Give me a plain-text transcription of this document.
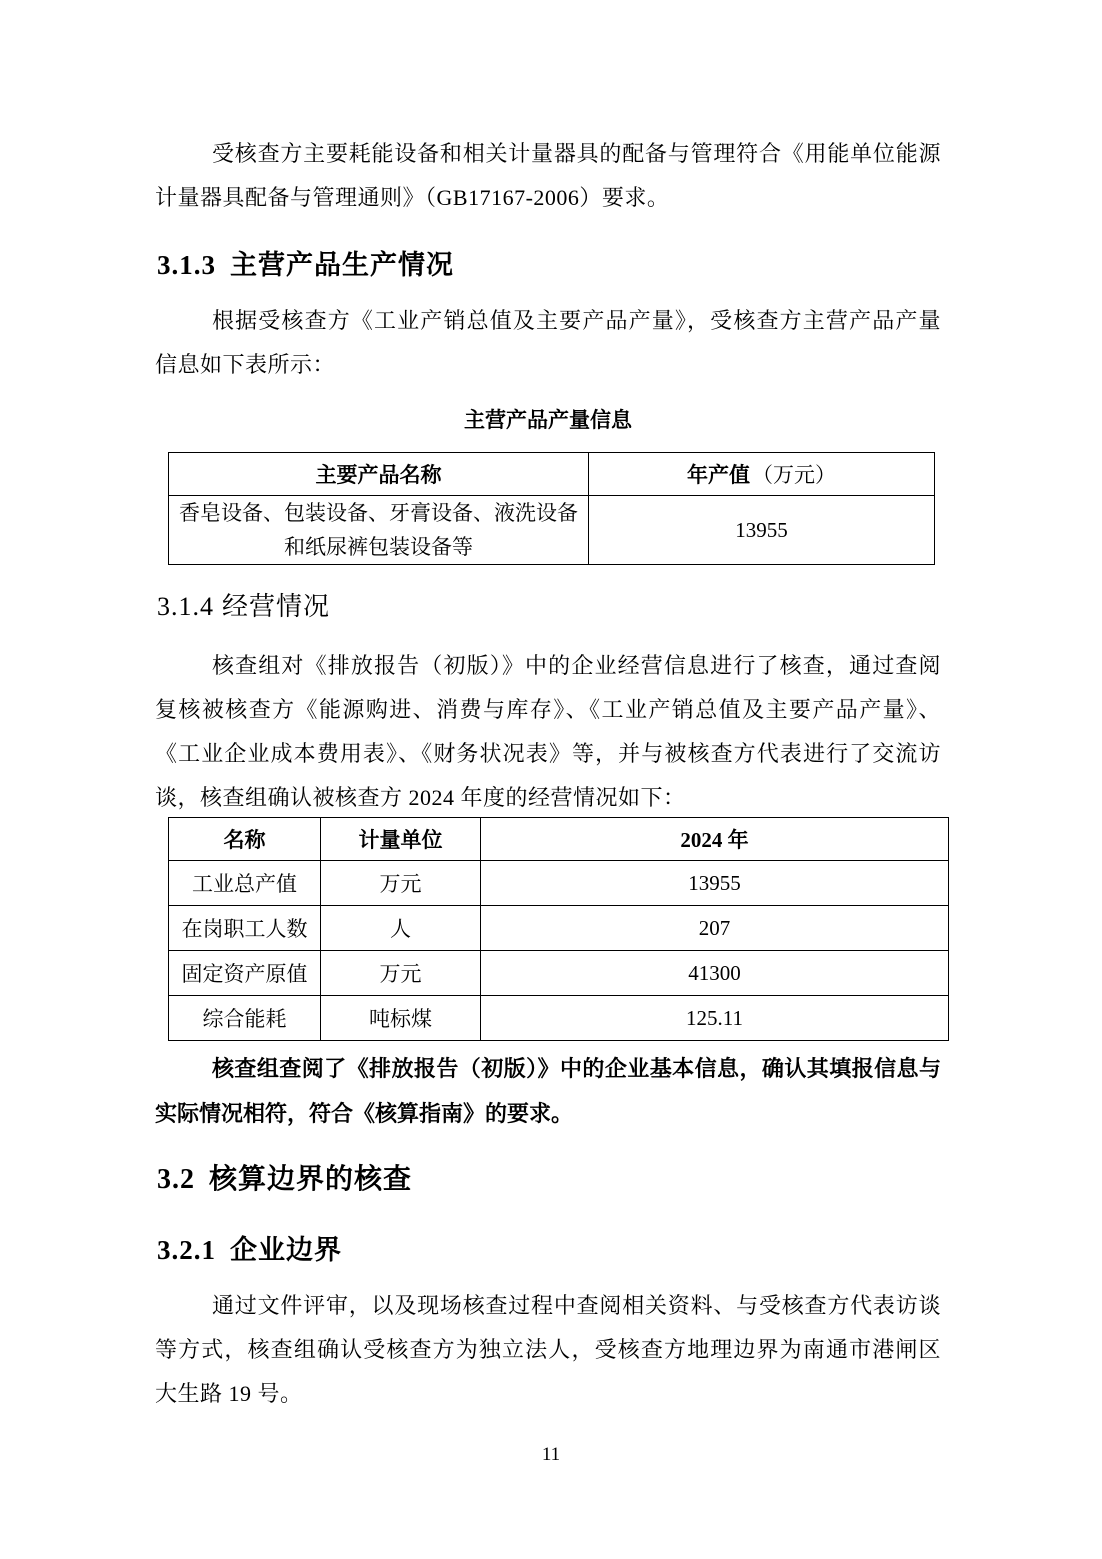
受核查方主要耗能设备和相关计量器具的配备与管理符合《用能单位能源计量器具配备与管理通则》（GB17167-2006）要求。
3.1.3 主营产品生产情况
根据受核查方《工业产销总值及主要产品产量》，受核查方主营产品产量信息如下表所示：
主营产品产量信息
主要产品名称	年产值（万元）
香皂设备、包装设备、牙膏设备、液洗设备和纸尿裤包装设备等	13955
3.1.4 经营情况
核查组对《排放报告（初版）》中的企业经营信息进行了核查，通过查阅复核被核查方《能源购进、消费与库存》、《工业产销总值及主要产品产量》、《工业企业成本费用表》、《财务状况表》等，并与被核查方代表进行了交流访谈，核查组确认被核查方 2024 年度的经营情况如下：
名称	计量单位	2024 年
工业总产值	万元	13955
在岗职工人数	人	207
固定资产原值	万元	41300
综合能耗	吨标煤	125.11
核查组查阅了《排放报告（初版）》中的企业基本信息，确认其填报信息与实际情况相符，符合《核算指南》的要求。
3.2 核算边界的核查
3.2.1 企业边界
通过文件评审，以及现场核查过程中查阅相关资料、与受核查方代表访谈等方式，核查组确认受核查方为独立法人，受核查方地理边界为南通市港闸区大生路 19 号。
11
